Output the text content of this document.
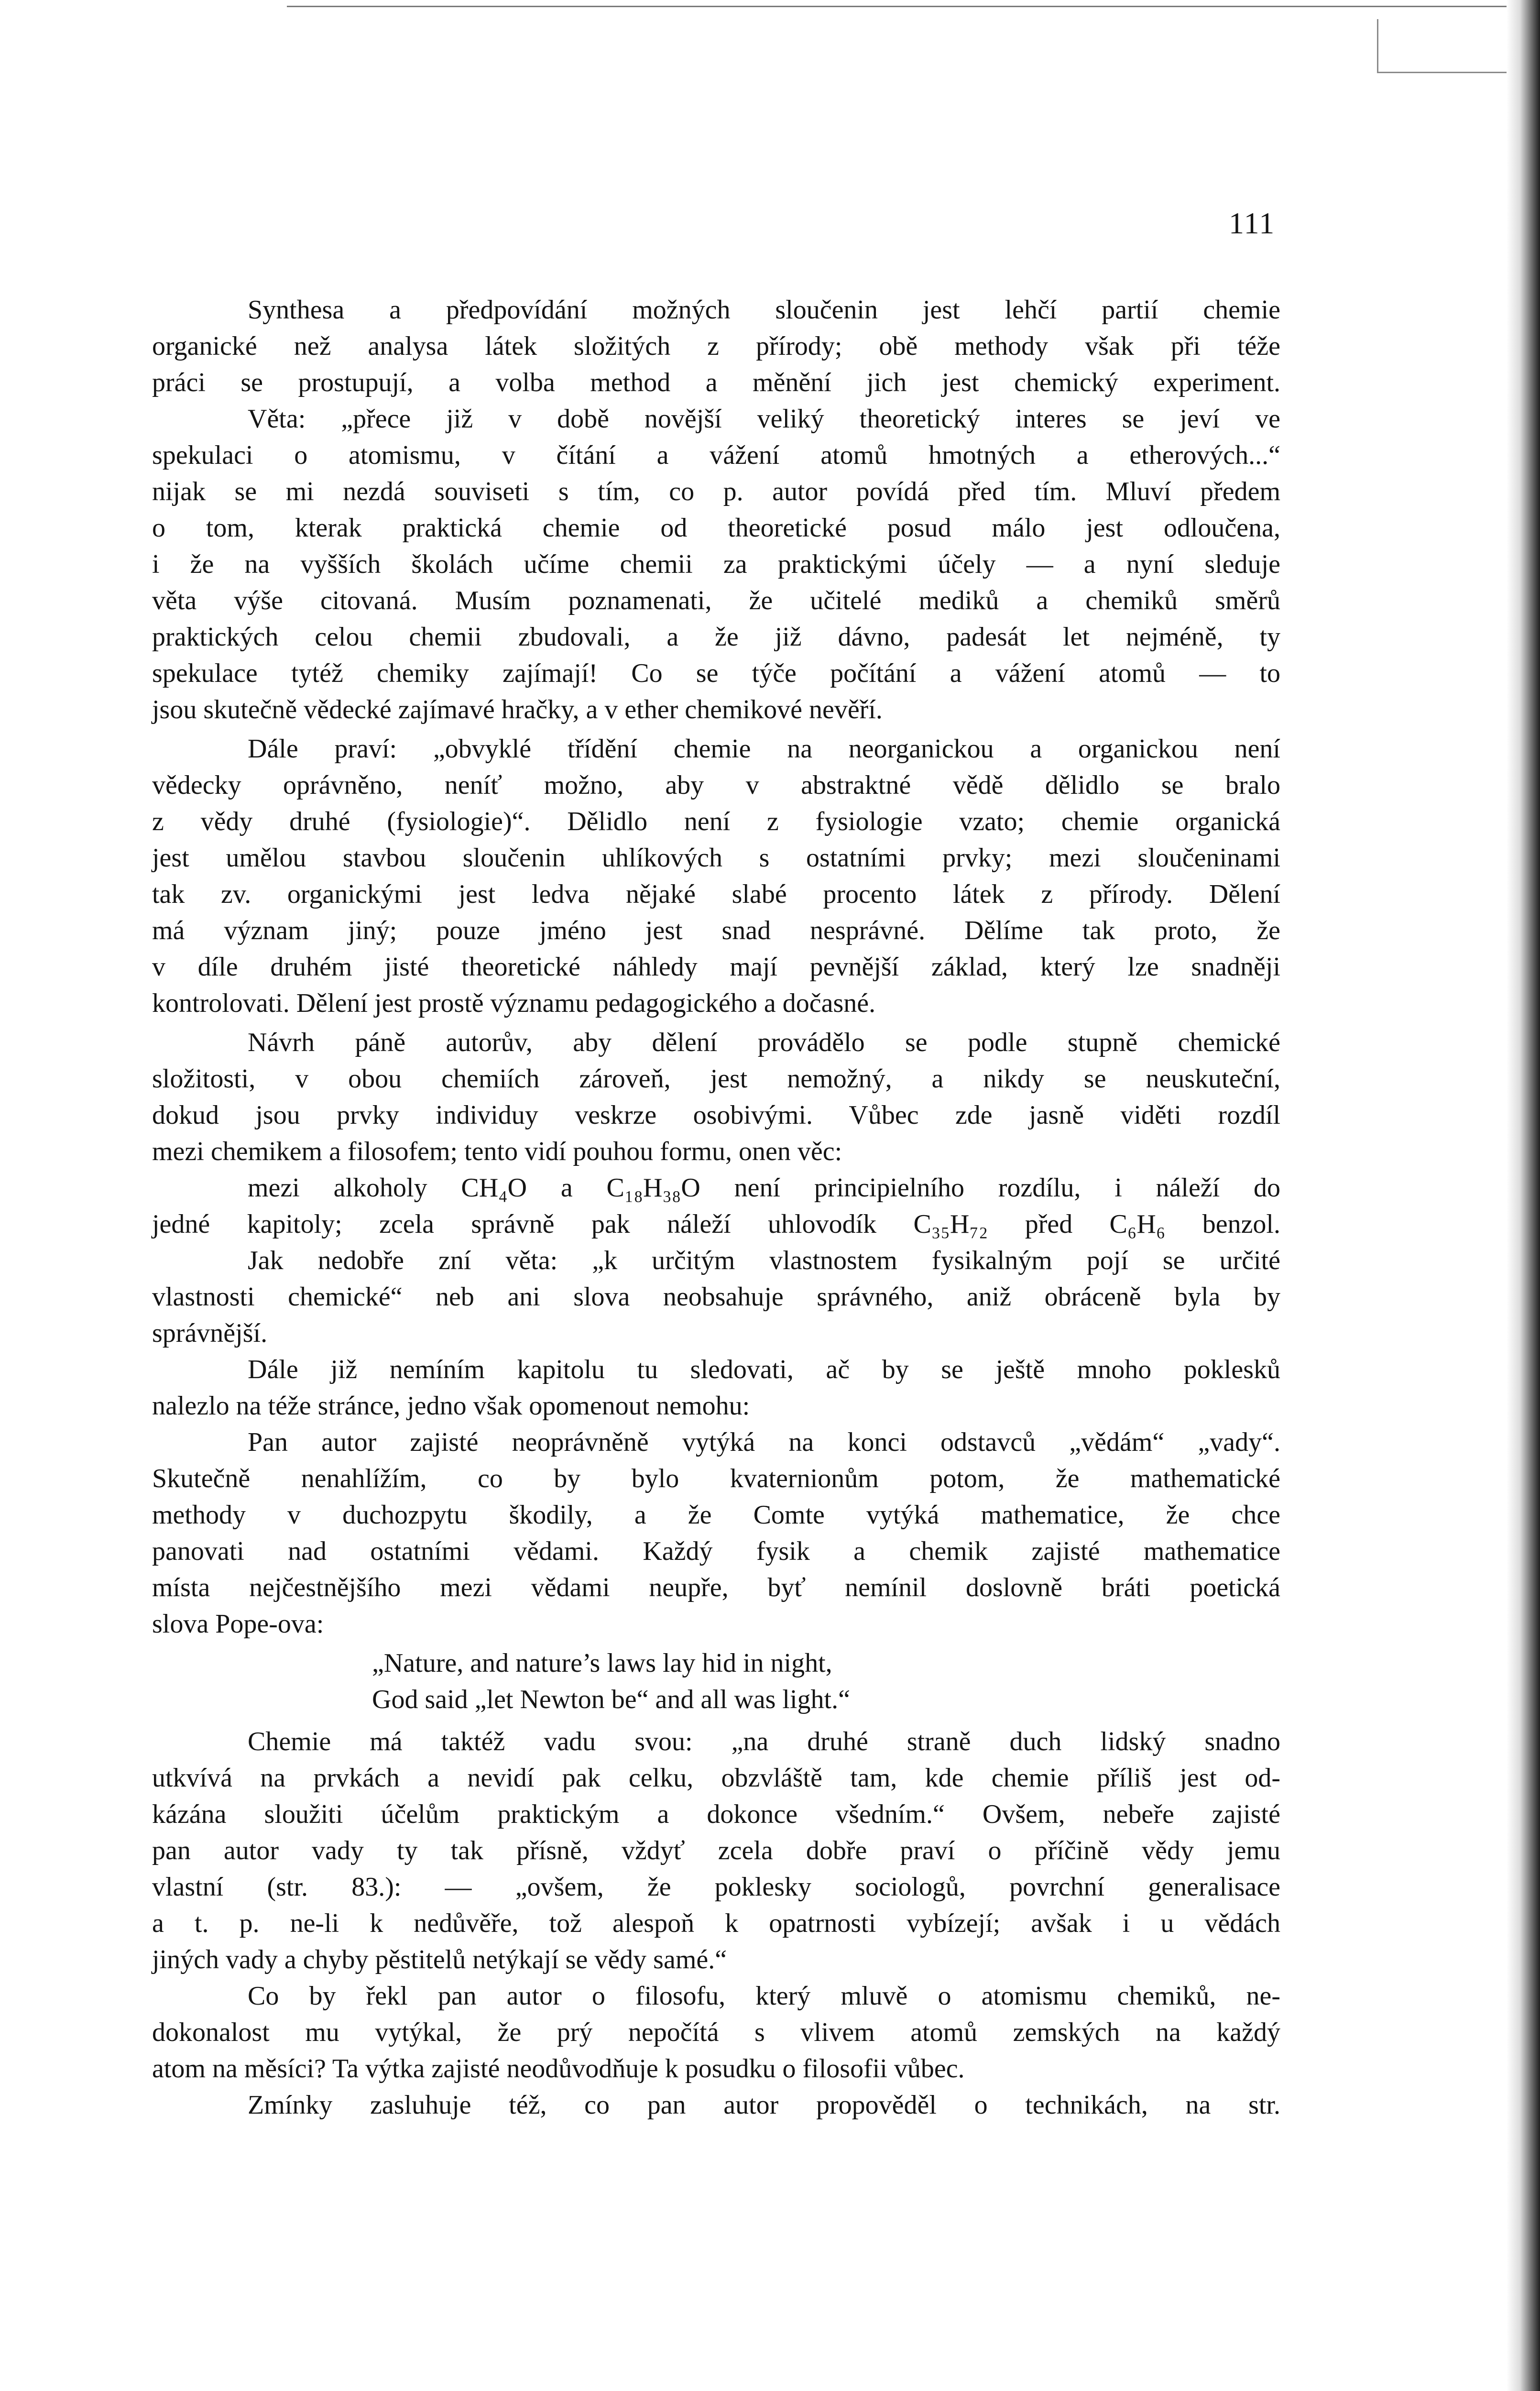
111
Synthesa a předpovídání možných sloučenin jest lehčí partií chemie
organické než analysa látek složitých z přírody; obě methody však při téže
práci se prostupují, a volba method a měnění jich jest chemický experiment.
Věta: „přece již v době novější veliký theoretický interes se jeví ve
spekulaci o atomismu, v čítání a vážení atomů hmotných a etherových...“
nijak se mi nezdá souviseti s tím, co p. autor povídá před tím. Mluví předem
o tom, kterak praktická chemie od theoretické posud málo jest odloučena,
i že na vyšších školách učíme chemii za praktickými účely — a nyní sleduje
věta výše citovaná. Musím poznamenati, že učitelé mediků a chemiků směrů
praktických celou chemii zbudovali, a že již dávno, padesát let nejméně, ty
spekulace tytéž chemiky zajímají! Co se týče počítání a vážení atomů — to
jsou skutečně vědecké zajímavé hračky, a v ether chemikové nevěří.
Dále praví: „obvyklé třídění chemie na neorganickou a organickou není
vědecky oprávněno, neníť možno, aby v abstraktné vědě dělidlo se bralo
z vědy druhé (fysiologie)“. Dělidlo není z fysiologie vzato; chemie organická
jest umělou stavbou sloučenin uhlíkových s ostatními prvky; mezi sloučeninami
tak zv. organickými jest ledva nějaké slabé procento látek z přírody. Dělení
má význam jiný; pouze jméno jest snad nesprávné. Dělíme tak proto, že
v díle druhém jisté theoretické náhledy mají pevnější základ, který lze snadněji
kontrolovati. Dělení jest prostě významu pedagogického a dočasné.
Návrh páně autorův, aby dělení provádělo se podle stupně chemické
složitosti, v obou chemiích zároveň, jest nemožný, a nikdy se neuskuteční,
dokud jsou prvky individuy veskrze osobivými. Vůbec zde jasně viděti rozdíl
mezi chemikem a filosofem; tento vidí pouhou formu, onen věc:
mezi alkoholy CH₄O a C₁₈H₃₈O není principielního rozdílu, i náleží do
jedné kapitoly; zcela správně pak náleží uhlovodík C₃₅H₇₂ před C₆H₆ benzol.
Jak nedobře zní věta: „k určitým vlastnostem fysikalným pojí se určité
vlastnosti chemické“ neb ani slova neobsahuje správného, aniž obráceně byla by
správnější.
Dále již nemíním kapitolu tu sledovati, ač by se ještě mnoho poklesků
nalezlo na téže stránce, jedno však opomenout nemohu:
Pan autor zajisté neoprávněně vytýká na konci odstavců „vědám“ „vady“.
Skutečně nenahlížím, co by bylo kvaternionům potom, že mathematické
methody v duchozpytu škodily, a že Comte vytýká mathematice, že chce
panovati nad ostatními vědami. Každý fysik a chemik zajisté mathematice
místa nejčestnějšího mezi vědami neupře, byť nemínil doslovně bráti poetická
slova Pope-ova:
„Nature, and nature’s laws lay hid in night,
God said „let Newton be“ and all was light.“
Chemie má taktéž vadu svou: „na druhé straně duch lidský snadno
utkvívá na prvkách a nevidí pak celku, obzvláště tam, kde chemie příliš jest od-
kázána sloužiti účelům praktickým a dokonce všedním.“ Ovšem, nebeře zajisté
pan autor vady ty tak přísně, vždyť zcela dobře praví o příčině vědy jemu
vlastní (str. 83.): — „ovšem, že poklesky sociologů, povrchní generalisace
a t. p. ne-li k nedůvěře, tož alespoň k opatrnosti vybízejí; avšak i u vědách
jiných vady a chyby pěstitelů netýkají se vědy samé.“
Co by řekl pan autor o filosofu, který mluvě o atomismu chemiků, ne-
dokonalost mu vytýkal, že prý nepočítá s vlivem atomů zemských na každý
atom na měsíci? Ta výtka zajisté neodůvodňuje k posudku o filosofii vůbec.
Zmínky zasluhuje též, co pan autor propověděl o technikách, na str.
